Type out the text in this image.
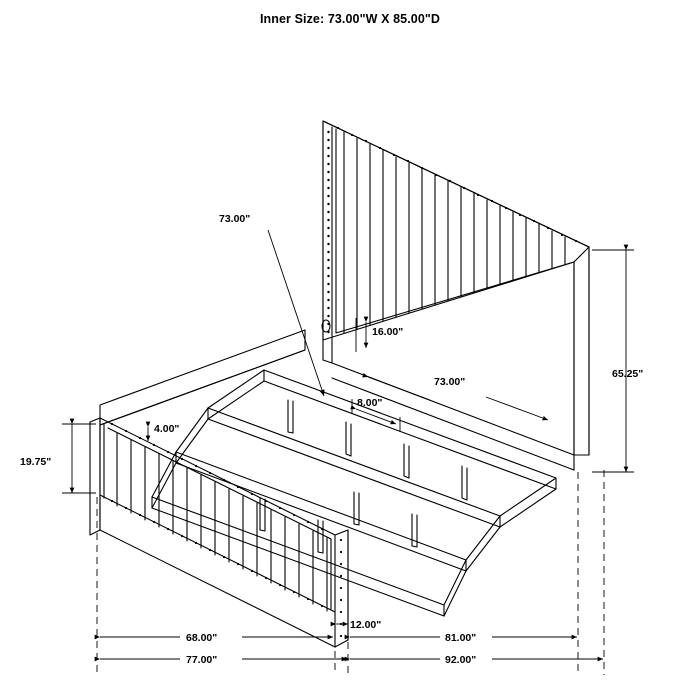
Inner Size: 73.00"W X 85.00"D
73.00"
16.00"
73.00"
8.00"
4.00"
19.75"
65.25"
68.00"
12.00"
81.00"
77.00"	92.00"
